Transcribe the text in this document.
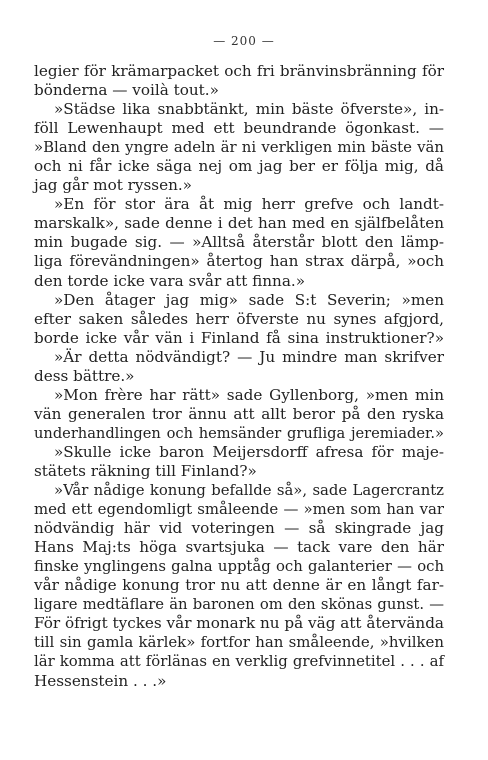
— 200 —
legier för krämarpacket och fri bränvinsbränning för
bönderna — voilà tout.»
»Städse lika snabbtänkt, min bäste öfverste», in-
föll Lewenhaupt med ett beundrande ögonkast. —
»Bland den yngre adeln är ni verkligen min bäste vän
och ni får icke säga nej om jag ber er följa mig, då
jag går mot ryssen.»
»En för stor ära åt mig herr grefve och landt-
marskalk», sade denne i det han med en själfbelåten
min bugade sig. — »Alltså återstår blott den lämp-
liga förevändningen» återtog han strax därpå, »och
den torde icke vara svår att finna.»
»Den åtager jag mig» sade S:t Severin; »men
efter saken således herr öfverste nu synes afgjord,
borde icke vår vän i Finland få sina instruktioner?»
»Är detta nödvändigt? — Ju mindre man skrifver
dess bättre.»
»Mon frère har rätt» sade Gyllenborg, »men min
vän generalen tror ännu att allt beror på den ryska
underhandlingen och hemsänder grufliga jeremiader.»
»Skulle icke baron Meijersdorff afresa för maje-
stätets räkning till Finland?»
»Vår nådige konung befallde så», sade Lagercrantz
med ett egendomligt småleende — »men som han var
nödvändig här vid voteringen — så skingrade jag
Hans Maj:ts höga svartsjuka — tack vare den här
finske ynglingens galna upptåg och galanterier — och
vår nådige konung tror nu att denne är en långt far-
ligare medtäflare än baronen om den skönas gunst. —
För öfrigt tyckes vår monark nu på väg att återvända
till sin gamla kärlek» fortfor han småleende, »hvilken
lär komma att förlänas en verklig grefvinnetitel . . . af
Hessenstein . . .»
